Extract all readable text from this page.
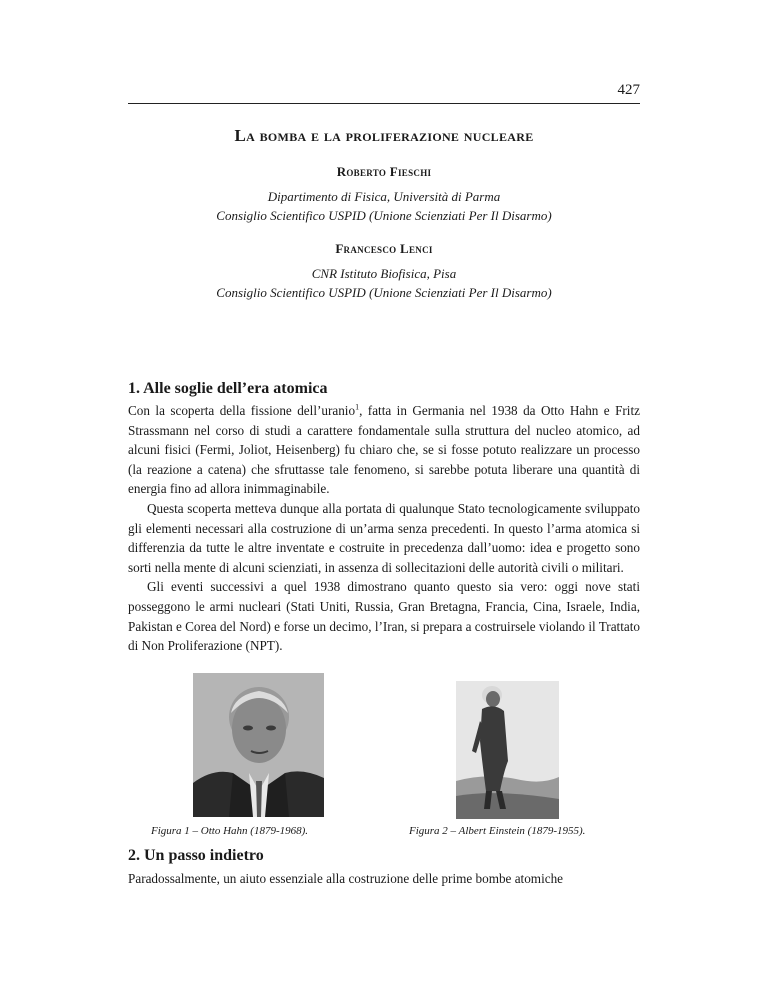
427
La bomba e la proliferazione nucleare
Roberto Fieschi
Dipartimento di Fisica, Università di Parma
Consiglio Scientifico USPID (Unione Scienziati Per Il Disarmo)
Francesco Lenci
CNR Istituto Biofisica, Pisa
Consiglio Scientifico USPID (Unione Scienziati Per Il Disarmo)
1. Alle soglie dell’era atomica

Con la scoperta della fissione dell’uranio$^1$, fatta in Germania nel 1938 da Otto Hahn e Fritz Strassmann nel corso di studi a carattere fondamentale sulla struttura del nucleo atomico, ad alcuni fisici (Fermi, Joliot, Heisenberg) fu chiaro che, se si fosse potuto realizzare un processo (la reazione a catena) che sfruttasse tale fenomeno, si sarebbe potuta liberare una quantità di energia fino ad allora inimmaginabile.

Questa scoperta metteva dunque alla portata di qualunque Stato tecnologicamente sviluppato gli elementi necessari alla costruzione di un’arma senza precedenti. In questo l’arma atomica si differenzia da tutte le altre inventate e costruite in precedenza dall’uomo: idea e progetto sono sorti nella mente di alcuni scienziati, in assenza di sollecitazioni delle autorità civili o militari.

Gli eventi successivi a quel 1938 dimostrano quanto questo sia vero: oggi nove stati posseggono le armi nucleari (Stati Uniti, Russia, Gran Bretagna, Francia, Cina, Israele, India, Pakistan e Corea del Nord) e forse un decimo, l’Iran, si prepara a costruirsele violando il Trattato di Non Proliferazione (NPT).

Figura 1 – Otto Hahn (1879-1968).	Figura 2 – Albert Einstein (1879-1955).
2. Un passo indietro

Paradossalmente, un aiuto essenziale alla costruzione delle prime bombe atomiche
